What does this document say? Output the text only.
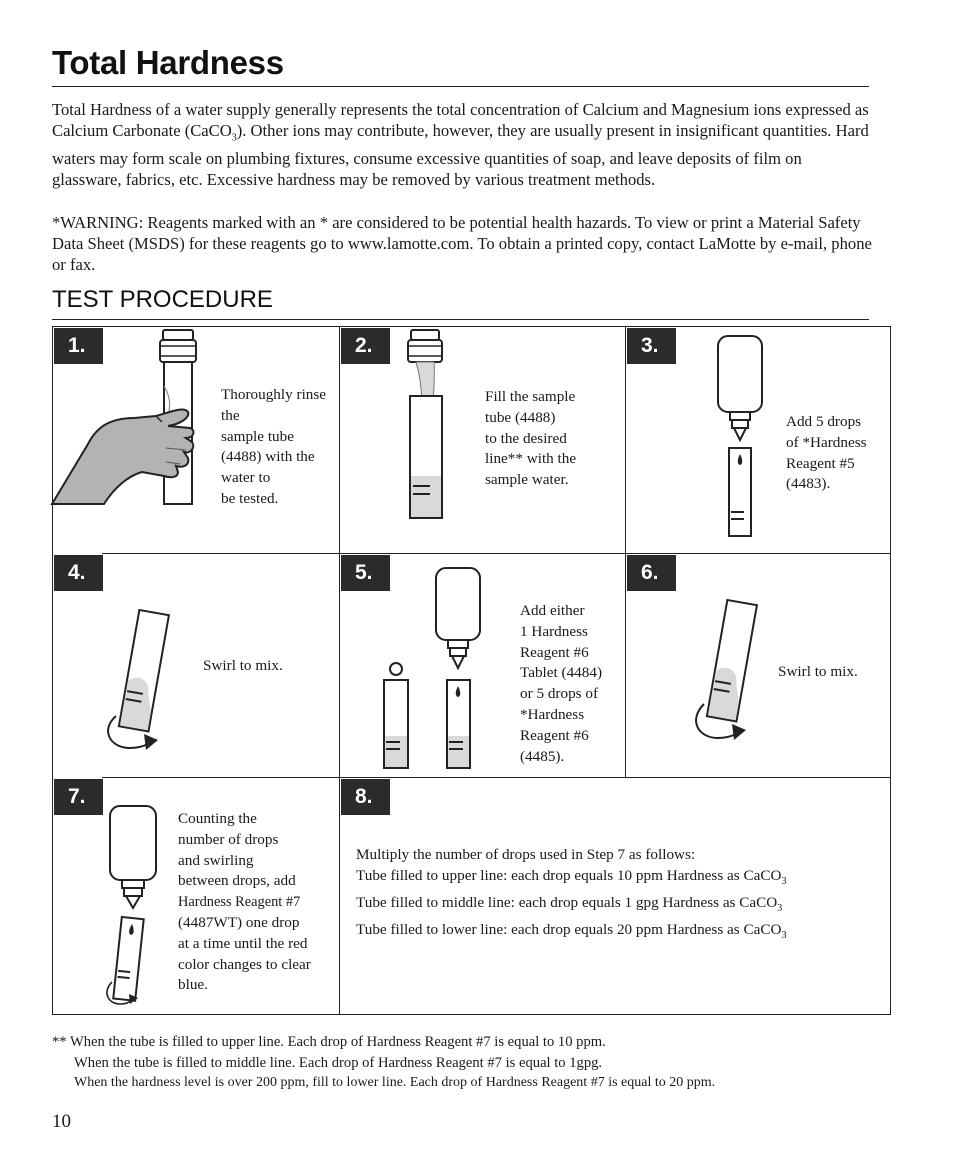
Total Hardness

Total Hardness of a water supply generally represents the total concentration of Calcium and Magnesium ions expressed as Calcium Carbonate (CaCO$_3$). Other ions may contribute, however, they are usually present in insignificant quantities. Hard waters may form scale on plumbing fixtures, consume excessive quantities of soap, and leave deposits of film on glassware, fabrics, etc. Excessive hardness may be removed by various treatment methods.

*WARNING: Reagents marked with an * are considered to be potential health hazards. To view or print a Material Safety Data Sheet (MSDS) for these reagents go to www.lamotte.com. To obtain a printed copy, contact LaMotte by e-mail, phone or fax.

TEST PROCEDURE
1.	2.	3.
4.	5.	6.
7.	8.
Thoroughly rinse
the
sample tube
(4488) with the
water to
be tested.
Fill the sample
tube (4488)
to the desired
line** with the
sample water.
Add 5 drops
of *Hardness
Reagent #5
(4483).
Swirl to mix.
Add either
1 Hardness
Reagent #6
Tablet (4484)
or 5 drops of
*Hardness
Reagent #6
(4485).
Swirl to mix.
Counting the
number of drops
and swirling
between drops, add
Hardness Reagent #7
(4487WT) one drop
at a time until the red
color changes to clear
blue.
Multiply the number of drops used in Step 7 as follows:
Tube filled to upper line: each drop equals 10 ppm Hardness as CaCO$_3$
Tube filled to middle line: each drop equals 1 gpg Hardness as CaCO$_3$
Tube filled to lower line: each drop equals 20 ppm Hardness as CaCO$_3$
** When the tube is filled to upper line. Each drop of Hardness Reagent #7 is equal to 10 ppm.
When the tube is filled to middle line. Each drop of Hardness Reagent #7 is equal to 1gpg.
When the hardness level is over 200 ppm, fill to lower line. Each drop of Hardness Reagent #7 is equal to 20 ppm.
10
